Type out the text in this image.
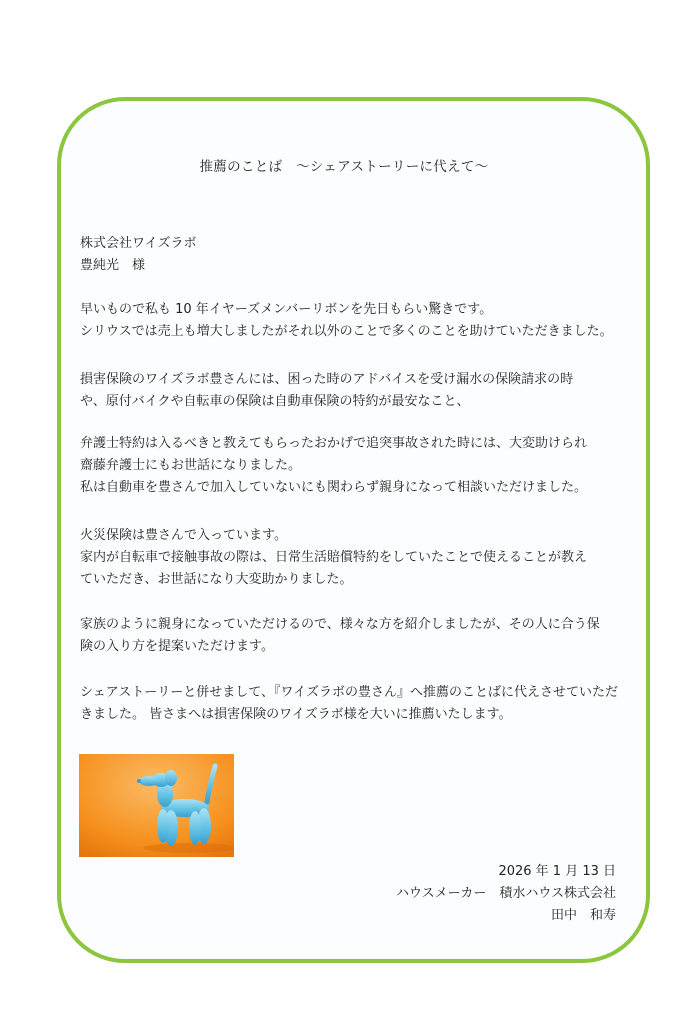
推薦のことば　～シェアストーリーに代えて～

株式会社ワイズラボ

豊純光　様

早いもので私も 10 年イヤーズメンバーリボンを先日もらい驚きです。

シリウスでは売上も増大しましたがそれ以外のことで多くのことを助けていただきました。

損害保険のワイズラボ豊さんには、困った時のアドバイスを受け漏水の保険請求の時

や、原付バイクや自転車の保険は自動車保険の特約が最安なこと、

弁護士特約は入るべきと教えてもらったおかげで追突事故された時には、大変助けられ

齋藤弁護士にもお世話になりました。

私は自動車を豊さんで加入していないにも関わらず親身になって相談いただけました。

火災保険は豊さんで入っています。

家内が自転車で接触事故の際は、日常生活賠償特約をしていたことで使えることが教え

ていただき、お世話になり大変助かりました。

家族のように親身になっていただけるので、様々な方を紹介しましたが、その人に合う保

険の入り方を提案いただけます。

シェアストーリーと併せまして、『ワイズラボの豊さん』へ推薦のことばに代えさせていただ

きました。 皆さまへは損害保険のワイズラボ様を大いに推薦いたします。

2026 年 1 月 13 日

ハウスメーカー　積水ハウス株式会社

田中　和寿
